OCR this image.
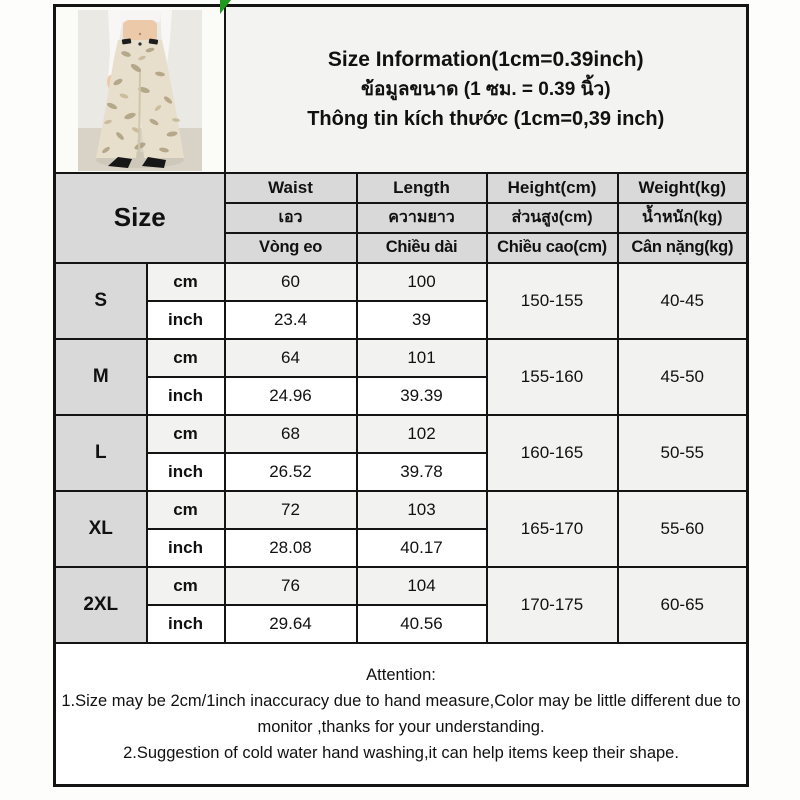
Size Information(1cm=0.39inch)
ข้อมูลขนาด (1 ซม. = 0.39 นิ้ว)
Thông tin kích thước (1cm=0,39 inch)			

Size		Waist	Length	Height(cm)	Weight(kg)
		เอว	ความยาว	ส่วนสูง(cm)	น้ำหนัก(kg)
		Vòng eo	Chiều dài	Chiều cao(cm)	Cân nặng(kg)
S	cm	60	100	150-155	40-45
	inch	23.4	39		
M	cm	64	101	155-160	45-50
	inch	24.96	39.39		
L	cm	68	102	160-165	50-55
	inch	26.52	39.78		
XL	cm	72	103	165-170	55-60
	inch	28.08	40.17		
2XL	cm	76	104	170-175	60-65
	inch	29.64	40.56		

Attention:
1.Size may be 2cm/1inch inaccuracy due to hand measure,Color may be little different due to monitor ,thanks for your understanding.
2.Suggestion of cold water hand washing,it can help items keep their shape.					
